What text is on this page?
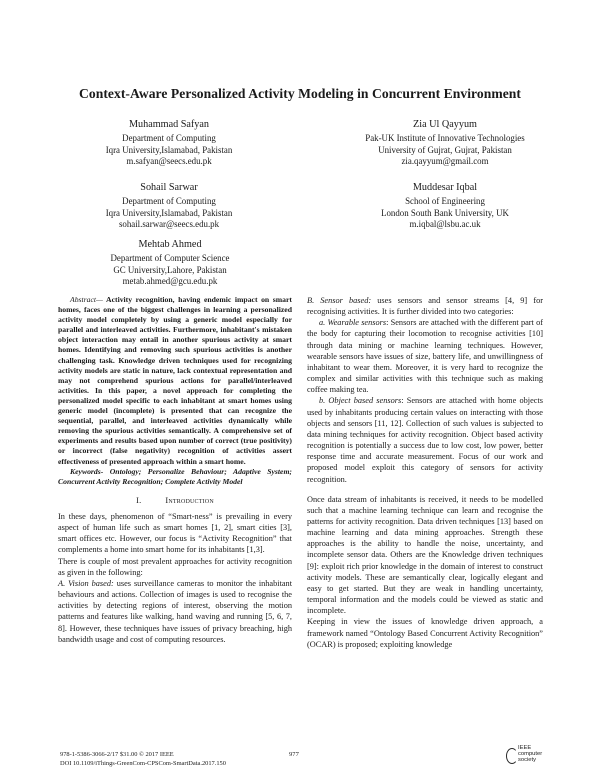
Context-Aware Personalized Activity Modeling in Concurrent Environment
Muhammad Safyan
Department of Computing
Iqra University,Islamabad, Pakistan
m.safyan@seecs.edu.pk
Zia Ul Qayyum
Pak-UK Institute of Innovative Technologies
University of Gujrat, Gujrat, Pakistan
zia.qayyum@gmail.com
Sohail Sarwar
Department of Computing
Iqra University,Islamabad, Pakistan
sohail.sarwar@seecs.edu.pk
Muddesar Iqbal
School of Engineering
London South Bank University, UK
m.iqbal@lsbu.ac.uk
Mehtab Ahmed
Department of Computer Science
GC University,Lahore, Pakistan
metab.ahmed@gcu.edu.pk

Abstract— Activity recognition, having endemic impact on smart homes, faces one of the biggest challenges in learning a personalized activity model completely by using a generic model especially for parallel and interleaved activities. Furthermore, inhabitant's mistaken object interaction may entail in another spurious activity at smart homes. Identifying and removing such spurious activities is another challenging task. Knowledge driven techniques used for recognizing activity models are static in nature, lack contextual representation and may not comprehend spurious actions for parallel/interleaved activities. In this paper, a novel approach for completing the personalized model specific to each inhabitant at smart homes using generic model (incomplete) is presented that can recognize the sequential, parallel, and interleaved activities dynamically while removing the spurious activities semantically. A comprehensive set of experiments and results based upon number of correct (true positivity) or incorrect (false negativity) recognition of activities assert effectiveness of presented approach within a smart home.

Keywords- Ontology; Personalize Behaviour; Adaptive System; Concurrent Activity Recognition; Complete Activity Model

I.	Introduction

In these days, phenomenon of “Smart-ness” is prevailing in every aspect of human life such as smart homes [1, 2], smart cities [3], smart offices etc. However, our focus is “Activity Recognition” that complements a home into smart home for its inhabitants [1,3].

There is couple of most prevalent approaches for activity recognition as given in the following:

A. Vision based: uses surveillance cameras to monitor the inhabitant behaviours and actions. Collection of images is used to recognise the activities by detecting regions of interest, observing the motion patterns and features like walking, hand waving and running [5, 6, 7, 8]. However, these techniques have issues of privacy breaching, high bandwidth usage and cost of computing resources.

B. Sensor based: uses sensors and sensor streams [4, 9] for recognising activities. It is further divided into two categories:

a. Wearable sensors: Sensors are attached with the different part of the body for capturing their locomotion to recognise activities [10] through data mining or machine learning techniques. However, wearable sensors have issues of size, battery life, and unwillingness of inhabitant to wear them. Moreover, it is very hard to recognize the complex and similar activities with this technique such as making coffee making tea.

b. Object based sensors: Sensors are attached with home objects used by inhabitants producing certain values on interacting with those objects and sensors [11, 12]. Collection of such values is subjected to data mining techniques for activity recognition. Object based activity recognition is potentially a success due to low cost, low power, better response time and accurate measurement. Focus of our work and proposed model exploit this category of sensors for activity recognition.

Once data stream of inhabitants is received, it needs to be modelled such that a machine learning technique can learn and recognise the patterns for activity recognition. Data driven techniques [13] based on machine learning and data mining approaches. Strength these approaches is the ability to handle the noise, uncertainty, and incomplete sensor data. Others are the Knowledge driven techniques [9]: exploit rich prior knowledge in the domain of interest to construct activity models. These are semantically clear, logically elegant and easy to get started. But they are weak in handling uncertainty, temporal information and the models could be viewed as static and incomplete.

Keeping in view the issues of knowledge driven approach, a framework named “Ontology Based Concurrent Activity Recognition” (OCAR) is proposed; exploiting knowledge

978-1-5386-3066-2/17 $31.00 © 2017 IEEE
DOI 10.1109/iThings-GreenCom-CPSCom-SmartData.2017.150
977
IEEE
computer
society
